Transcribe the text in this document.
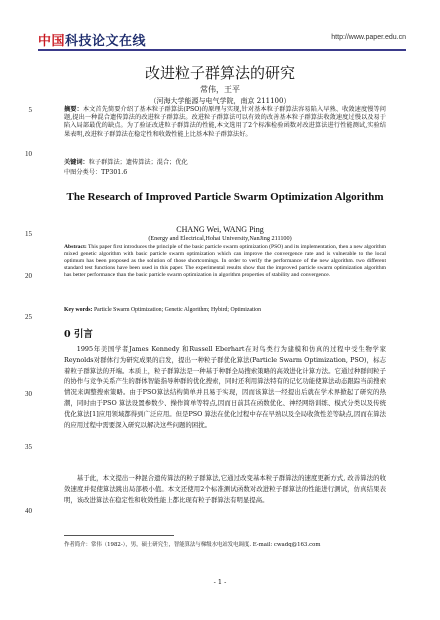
中国科技论文在线	http://www.paper.edu.cn
改进粒子群算法的研究
常伟，王平
（河海大学能源与电气学院，南京 211100）
5
10
15
20
25
30
35
40
摘要：本文首先简要介绍了基本粒子群算法(PSO)的原理与实现,针对基本粒子群算法容易陷入早熟、收敛速度慢等问题,提出一种混合遗传算法的改进粒子群算法。改进粒子群算法可以有效的改善基本粒子群算法收敛速度过慢以及易于陷入局部最优的缺点。为了验证改进粒子群算法的性能,本文选用了2个标准检验函数对改进算法进行性能测试,实验结果表明,改进粒子群算法在稳定性和收敛性能上比基本粒子群算法好。
关键词：粒子群算法；遗传算法；混合；优化
中图分类号：TP301.6
The Research of Improved Particle Swarm Optimization Algorithm
CHANG Wei, WANG Ping
(Energy and Electrical,Hohai University,NanJing 211100)
Abstract: This paper first introduces the principle of the basic particle swarm optimization (PSO) and its implementation, then a new algorithm mixed genetic algorithm with basic particle swarm optimization which can improve the convergence rate and is vulnerable to the local optimum has been proposed as the solution of those shortcomings. In order to verify the performance of the new algorithm. two different standard test functions have been used in this paper. The experimental results show that the improved particle swarm optimization algorithm has better performance than the basic particle swarm optimization in algorithm properties of stability and convergence.
Key words: Particle Swarm Optimization; Genetic Algorithm; Hybird; Optimization
0 引言
1995年美国学者James Kennedy 和Russell Eberhart在对鸟类行为建模和仿真的过程中受生物学家Reynolds对群体行为研究成果的启发，提出一种粒子群优化算法(Particle Swarm Optimization, PSO)，标志着粒子群算法的开端。本质上，粒子群算法是一种基于种群全局搜索策略的高效进化计算方法。它通过种群间粒子的协作与竞争关系产生的群体智能指导种群的优化搜索，同时还利用算法特有的记忆功能使算法动态跟踪当前搜索情况来调整搜索策略。由于PSO算法结构简单并且易于实现，因而该算法一经提出后就在学术界掀起了研究的热潮，同时由于PSO 算法设置参数少、操作简单等特点,因而日前其在函数优化、神经网络训练、模式分类以及传统优化算法[1]应用领域都得到广泛应用。但是PSO 算法在优化过程中存在早熟以及全局收敛性差等缺点,因而在算法的应用过程中需要深入研究以解决这些问题的困扰。
基于此，本文提出一种混合遗传算法的粒子群算法,它通过改变基本粒子群算法的速度更新方式, 改善算法的收敛速度并促使算法跳出局部极小值。本文还使用2个标准测试函数对改进粒子群算法的性能进行测试，仿真结果表明，该改进算法在稳定性和收敛性能上都比现有粒子群算法有明显提高。
作者简介：常伟（1982-），男，硕士研究生，智能算法与梯级水电站发电调度. E-mail: cwadq@163.com
- 1 -
